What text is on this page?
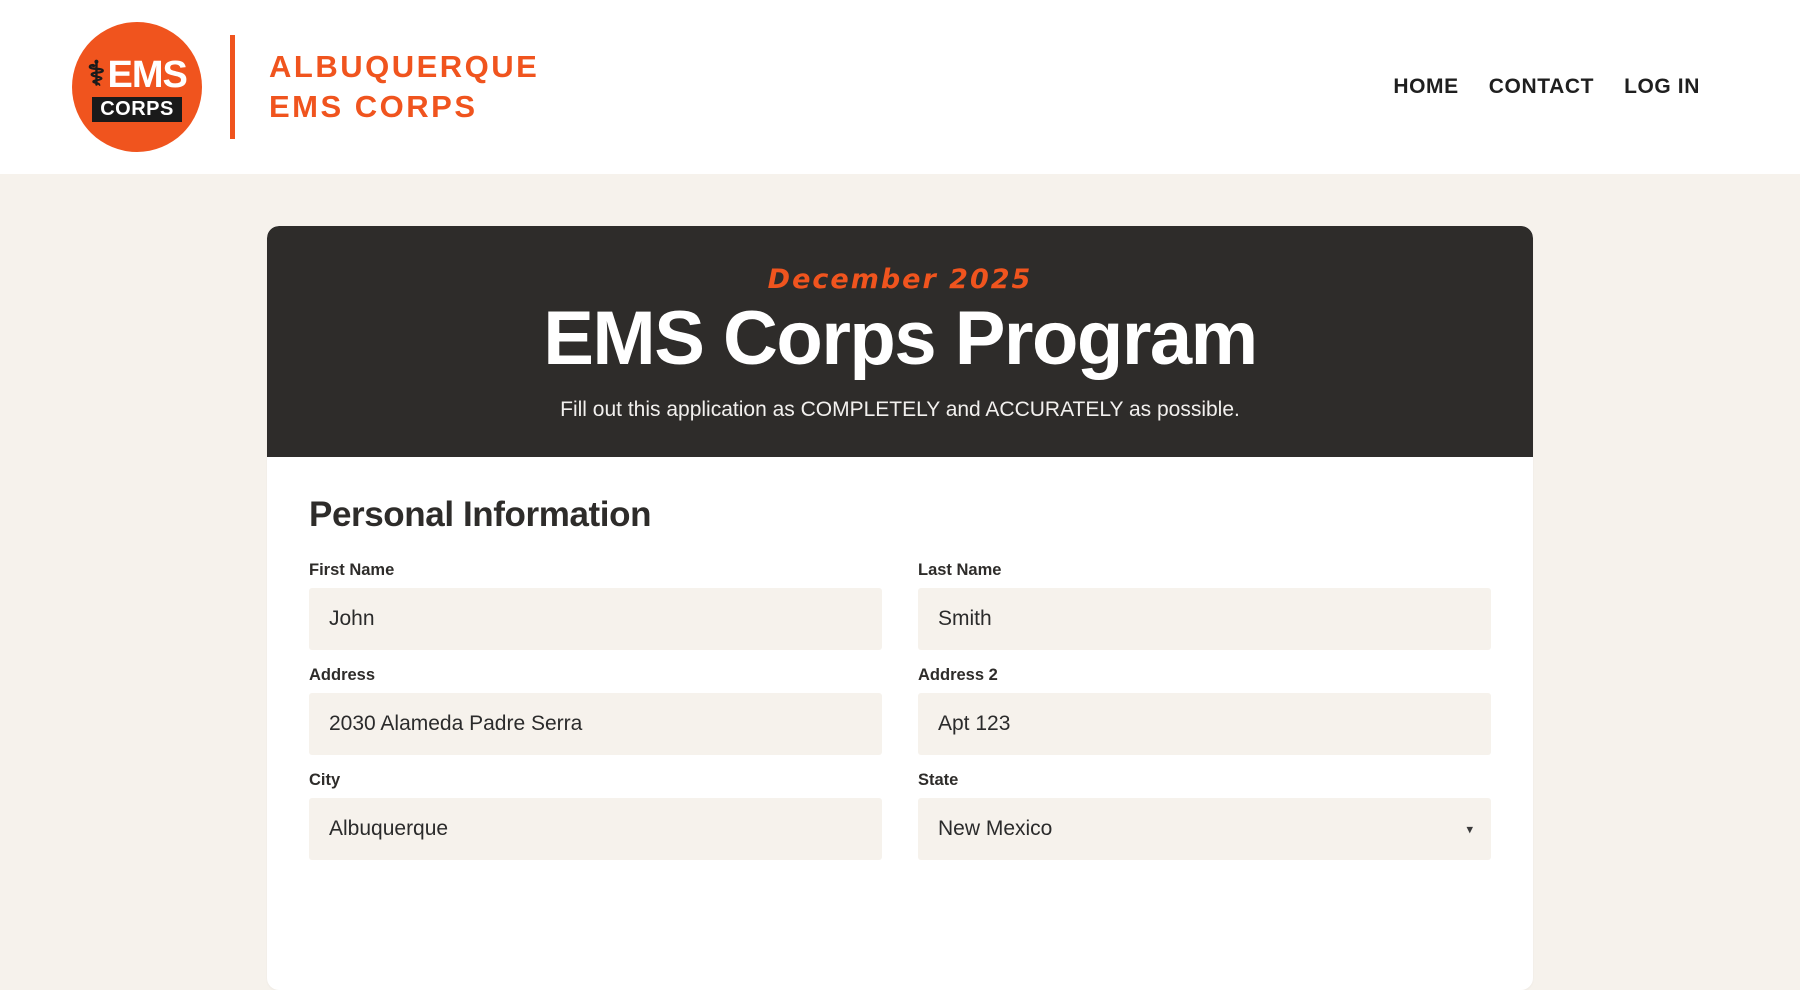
⚕ EMS
CORPS
ALBUQUERQUE
EMS CORPS
HOME CONTACT LOG IN
December 2025
EMS Corps Program
Fill out this application as COMPLETELY and ACCURATELY as possible.
Personal Information
First Name
John
Last Name
Smith
Address
2030 Alameda Padre Serra
Address 2
Apt 123
City
Albuquerque
State
New Mexico	▾
